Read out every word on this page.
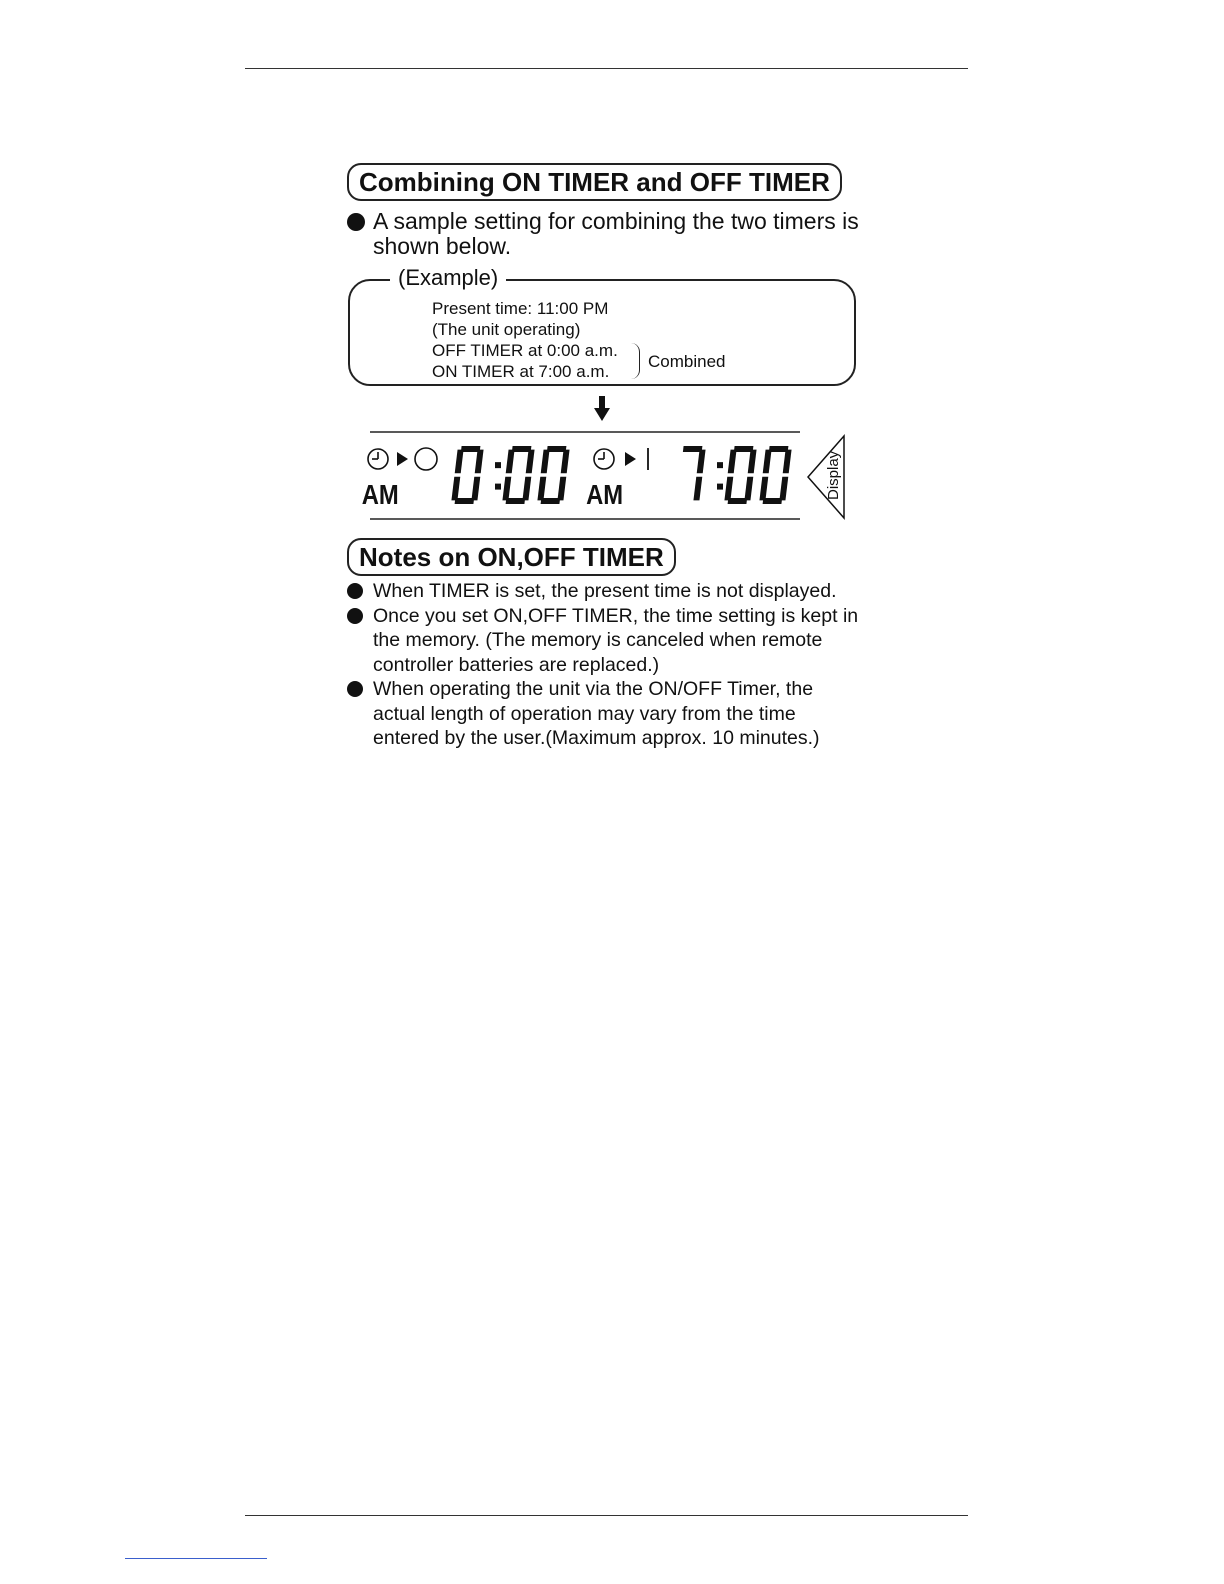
Combining ON TIMER and OFF TIMER
A sample setting for combining the two timers is shown below.
(Example)
Present time: 11:00 PM
(The unit operating)
OFF TIMER at 0:00 a.m.
ON TIMER at 7:00 a.m.
Combined
AM	AM	Display
Notes on ON,OFF TIMER
When TIMER is set, the present time is not displayed.
Once you set ON,OFF TIMER, the time setting is kept in the memory. (The memory is canceled when remote controller batteries are replaced.)
When operating the unit via the ON/OFF Timer, the actual length of operation may vary from the time entered by the user.(Maximum approx. 10 minutes.)
